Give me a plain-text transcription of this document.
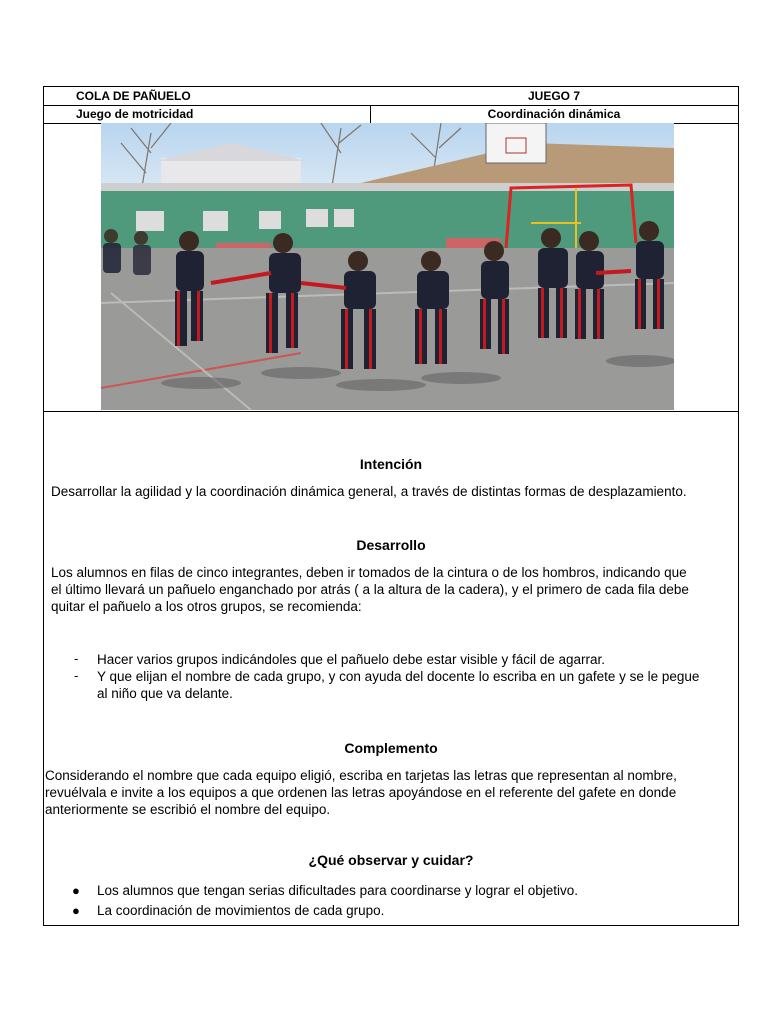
COLA DE PAÑUELO	JUEGO 7
Juego de motricidad	Coordinación dinámica
Intención
Desarrollar la agilidad y la coordinación dinámica general, a través de distintas formas de desplazamiento.
Desarrollo
Los alumnos en filas de cinco integrantes, deben ir tomados de la cintura o de los hombros, indicando que
el último llevará un pañuelo enganchado por atrás ( a la altura de la cadera), y el primero de cada fila debe
quitar el pañuelo a los otros grupos, se recomienda:
- Hacer varios grupos indicándoles que el pañuelo debe estar visible y fácil de agarrar.
- Y que elijan el nombre de cada grupo, y con ayuda del docente lo escriba en un gafete y se le pegue
al niño que va delante.
Complemento
Considerando el nombre que cada equipo eligió, escriba en tarjetas las letras que representan al nombre,
revuélvala e invite a los equipos a que ordenen las letras apoyándose en el referente del gafete en donde
anteriormente se escribió el nombre del equipo.
¿Qué observar y cuidar?
● Los alumnos que tengan serias dificultades para coordinarse y lograr el objetivo.
● La coordinación de movimientos de cada grupo.
